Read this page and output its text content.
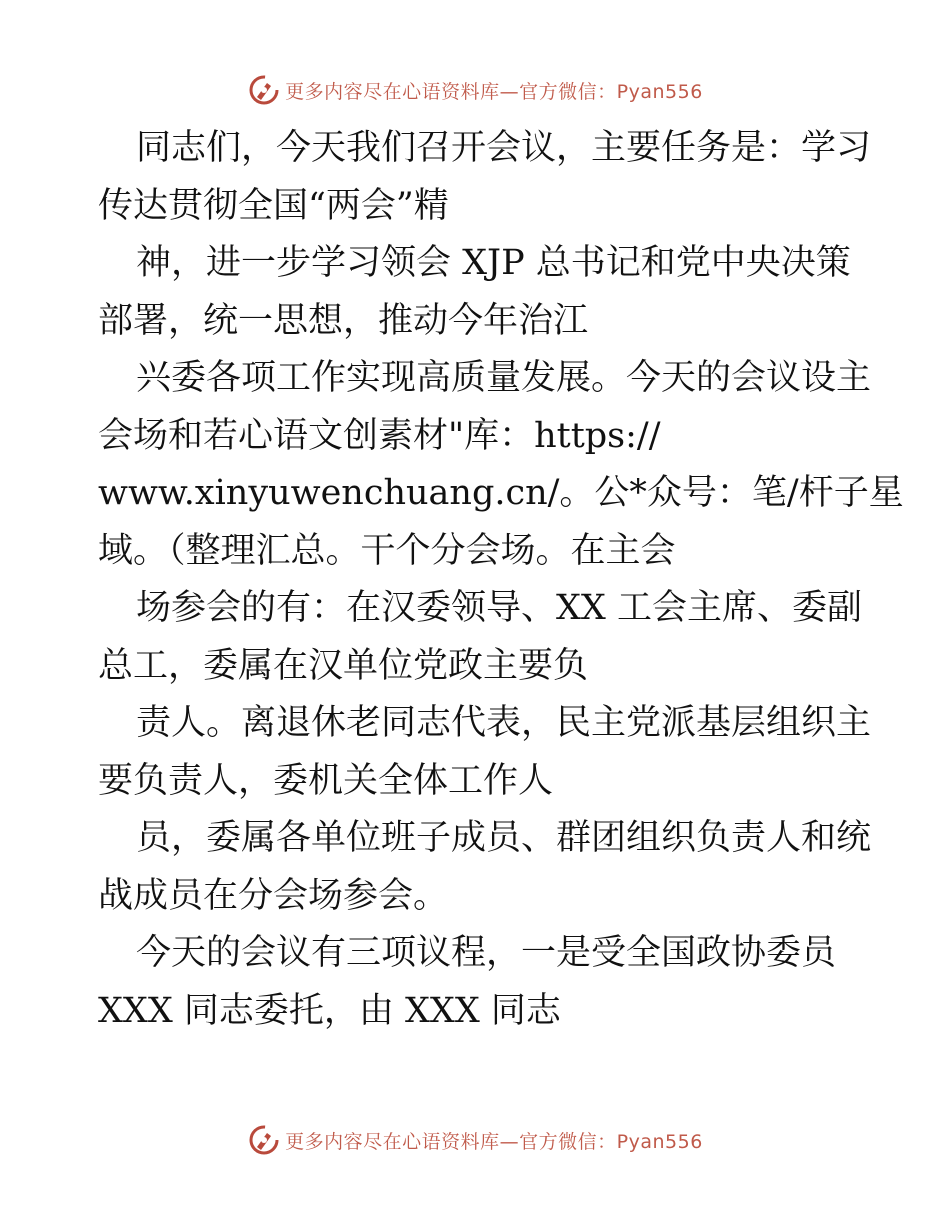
更多内容尽在心语资料库—官方微信：Pyan556

同志们，今天我们召开会议，主要任务是：学习

传达贯彻全国“两会”精

神，进一步学习领会 XJP 总书记和党中央决策

部署，统一思想，推动今年治江

兴委各项工作实现高质量发展。今天的会议设主

会场和若心语文创素材"库：https://

www.xinyuwenchuang.cn/。公*众号：笔/杆子星

域。（整理汇总。干个分会场。在主会

场参会的有：在汉委领导、XX 工会主席、委副

总工，委属在汉单位党政主要负

责人。离退休老同志代表，民主党派基层组织主

要负责人，委机关全体工作人

员，委属各单位班子成员、群团组织负责人和统

战成员在分会场参会。

今天的会议有三项议程，一是受全国政协委员

XXX 同志委托，由 XXX 同志

更多内容尽在心语资料库—官方微信：Pyan556
